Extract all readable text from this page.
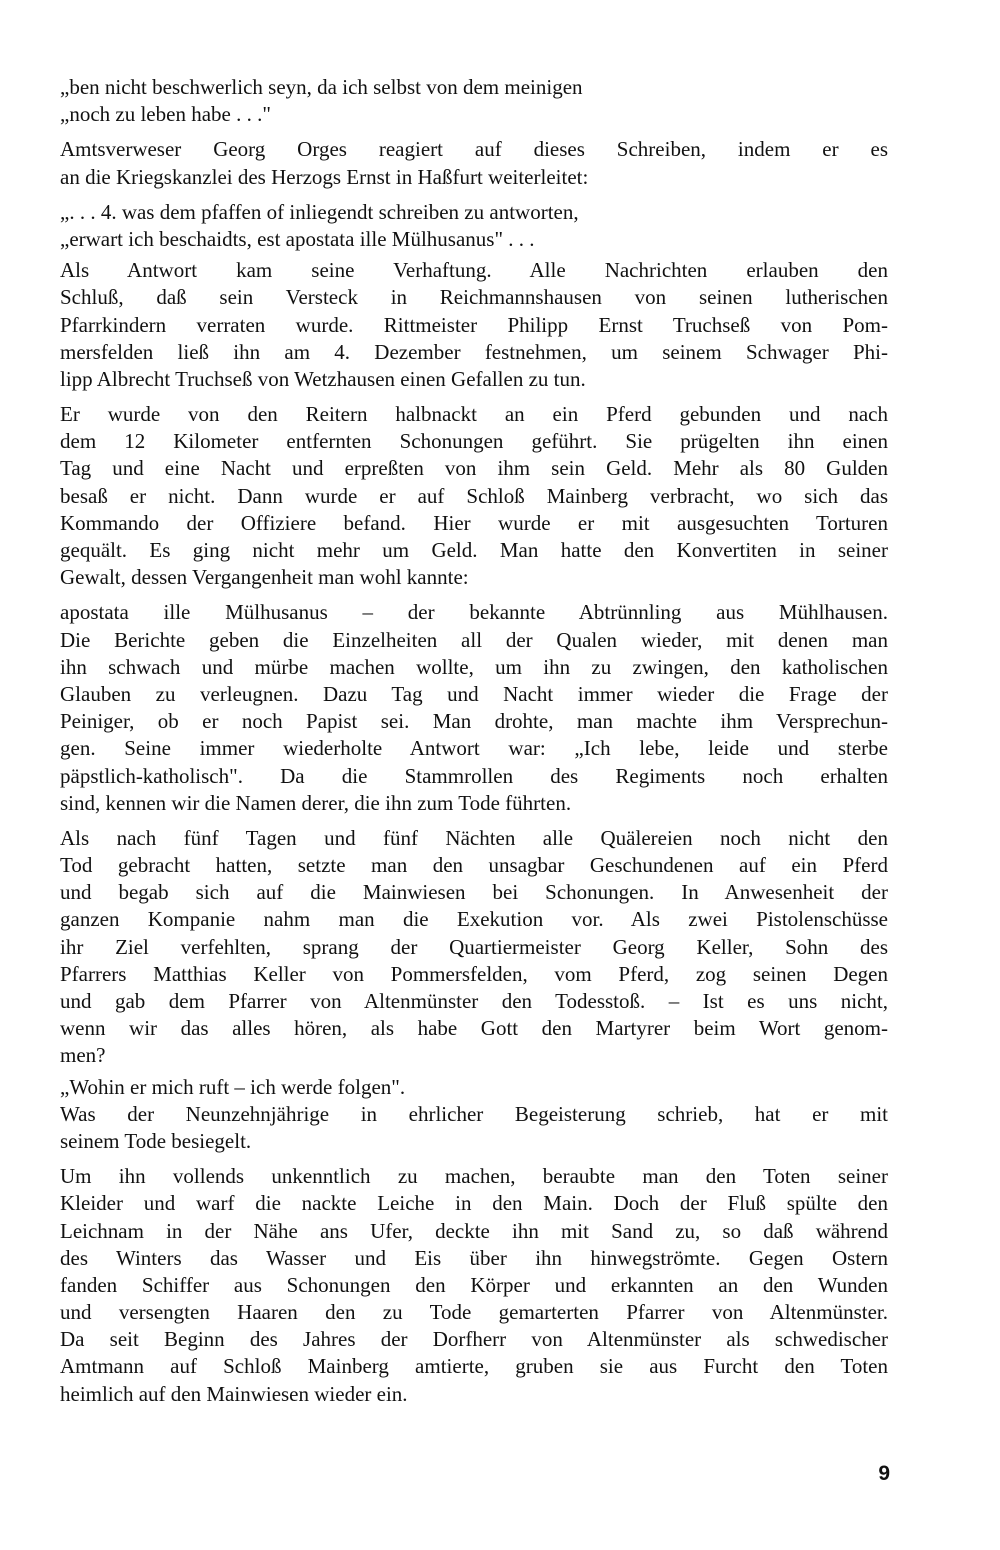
„ben nicht beschwerlich seyn, da ich selbst von dem meinigen
„noch zu leben habe . . ."
Amtsverweser Georg Orges reagiert auf dieses Schreiben, indem er es
an die Kriegskanzlei des Herzogs Ernst in Haßfurt weiterleitet:
„. . . 4. was dem pfaffen of inliegendt schreiben zu antworten,
„erwart ich beschaidts, est apostata ille Mülhusanus" . . .
Als Antwort kam seine Verhaftung. Alle Nachrichten erlauben den
Schluß, daß sein Versteck in Reichmannshausen von seinen lutherischen
Pfarrkindern verraten wurde. Rittmeister Philipp Ernst Truchseß von Pom-
mersfelden ließ ihn am 4. Dezember festnehmen, um seinem Schwager Phi-
lipp Albrecht Truchseß von Wetzhausen einen Gefallen zu tun.
Er wurde von den Reitern halbnackt an ein Pferd gebunden und nach
dem 12 Kilometer entfernten Schonungen geführt. Sie prügelten ihn einen
Tag und eine Nacht und erpreßten von ihm sein Geld. Mehr als 80 Gulden
besaß er nicht. Dann wurde er auf Schloß Mainberg verbracht, wo sich das
Kommando der Offiziere befand. Hier wurde er mit ausgesuchten Torturen
gequält. Es ging nicht mehr um Geld. Man hatte den Konvertiten in seiner
Gewalt, dessen Vergangenheit man wohl kannte:
apostata ille Mülhusanus – der bekannte Abtrünnling aus Mühlhausen.
Die Berichte geben die Einzelheiten all der Qualen wieder, mit denen man
ihn schwach und mürbe machen wollte, um ihn zu zwingen, den katholischen
Glauben zu verleugnen. Dazu Tag und Nacht immer wieder die Frage der
Peiniger, ob er noch Papist sei. Man drohte, man machte ihm Versprechun-
gen. Seine immer wiederholte Antwort war: „Ich lebe, leide und sterbe
päpstlich-katholisch". Da die Stammrollen des Regiments noch erhalten
sind, kennen wir die Namen derer, die ihn zum Tode führten.
Als nach fünf Tagen und fünf Nächten alle Quälereien noch nicht den
Tod gebracht hatten, setzte man den unsagbar Geschundenen auf ein Pferd
und begab sich auf die Mainwiesen bei Schonungen. In Anwesenheit der
ganzen Kompanie nahm man die Exekution vor. Als zwei Pistolenschüsse
ihr Ziel verfehlten, sprang der Quartiermeister Georg Keller, Sohn des
Pfarrers Matthias Keller von Pommersfelden, vom Pferd, zog seinen Degen
und gab dem Pfarrer von Altenmünster den Todesstoß. – Ist es uns nicht,
wenn wir das alles hören, als habe Gott den Martyrer beim Wort genom-
men?
„Wohin er mich ruft – ich werde folgen".
Was der Neunzehnjährige in ehrlicher Begeisterung schrieb, hat er mit
seinem Tode besiegelt.
Um ihn vollends unkenntlich zu machen, beraubte man den Toten seiner
Kleider und warf die nackte Leiche in den Main. Doch der Fluß spülte den
Leichnam in der Nähe ans Ufer, deckte ihn mit Sand zu, so daß während
des Winters das Wasser und Eis über ihn hinwegströmte. Gegen Ostern
fanden Schiffer aus Schonungen den Körper und erkannten an den Wunden
und versengten Haaren den zu Tode gemarterten Pfarrer von Altenmünster.
Da seit Beginn des Jahres der Dorfherr von Altenmünster als schwedischer
Amtmann auf Schloß Mainberg amtierte, gruben sie aus Furcht den Toten
heimlich auf den Mainwiesen wieder ein.
9
